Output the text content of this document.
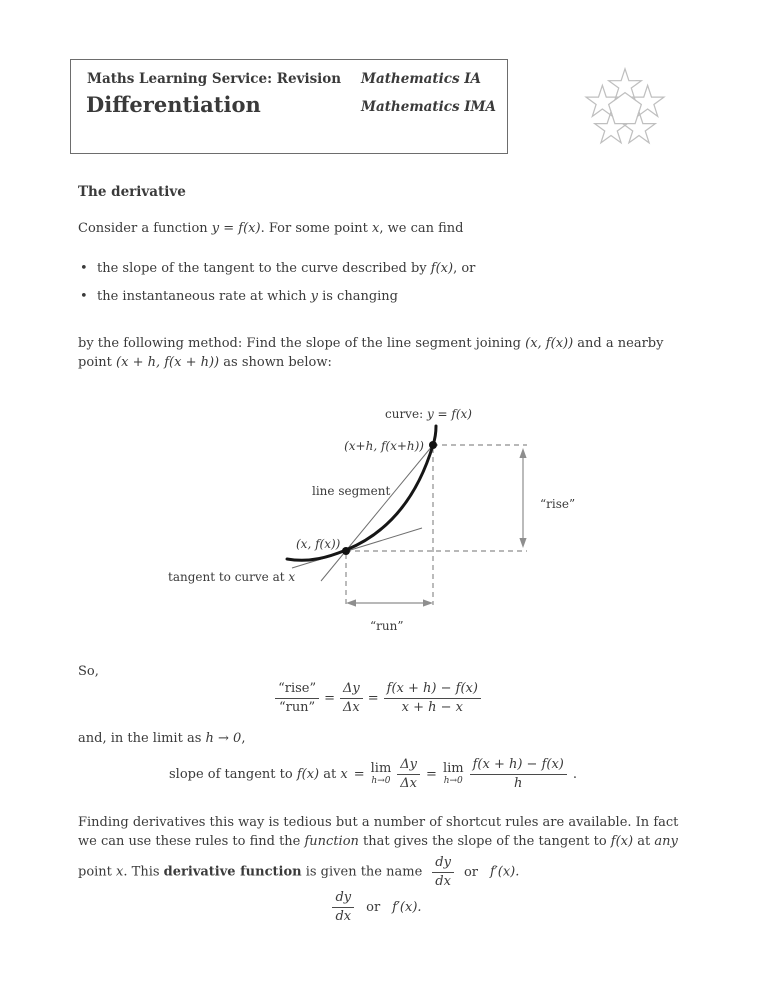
Maths Learning Service: Revision
Differentiation
Mathematics IA
Mathematics IMA
The derivative
Consider a function y = f(x). For some point x, we can find
• the slope of the tangent to the curve described by f(x), or
• the instantaneous rate at which y is changing
by the following method: Find the slope of the line segment joining (x, f(x)) and a nearby
point (x + h, f(x + h)) as shown below:
curve: y = f(x)
(x+h, f(x+h))
line segment
(x, f(x))
tangent to curve at x
“rise”
“run”
So,
$\frac{\text{“rise”}}{\text{“run”}} = \frac{\Delta y}{\Delta x} = \frac{f(x + h) - f(x)}{x + h - x}$
and, in the limit as h → 0,
slope of tangent to f(x) at x = lim
$h\to 0 \frac{\Delta y}{\Delta x} = \lim$
$h\to 0 \frac{f(x + h) - f(x)}{h}$ .
Finding derivatives this way is tedious but a number of shortcut rules are available. In fact
we can use these rules to find the function that gives the slope of the tangent to f(x) at any
point x. This derivative function is given the name $\frac{dy}{dx}$ or f′(x).
$\frac{dy}{dx}$ or f′(x).
